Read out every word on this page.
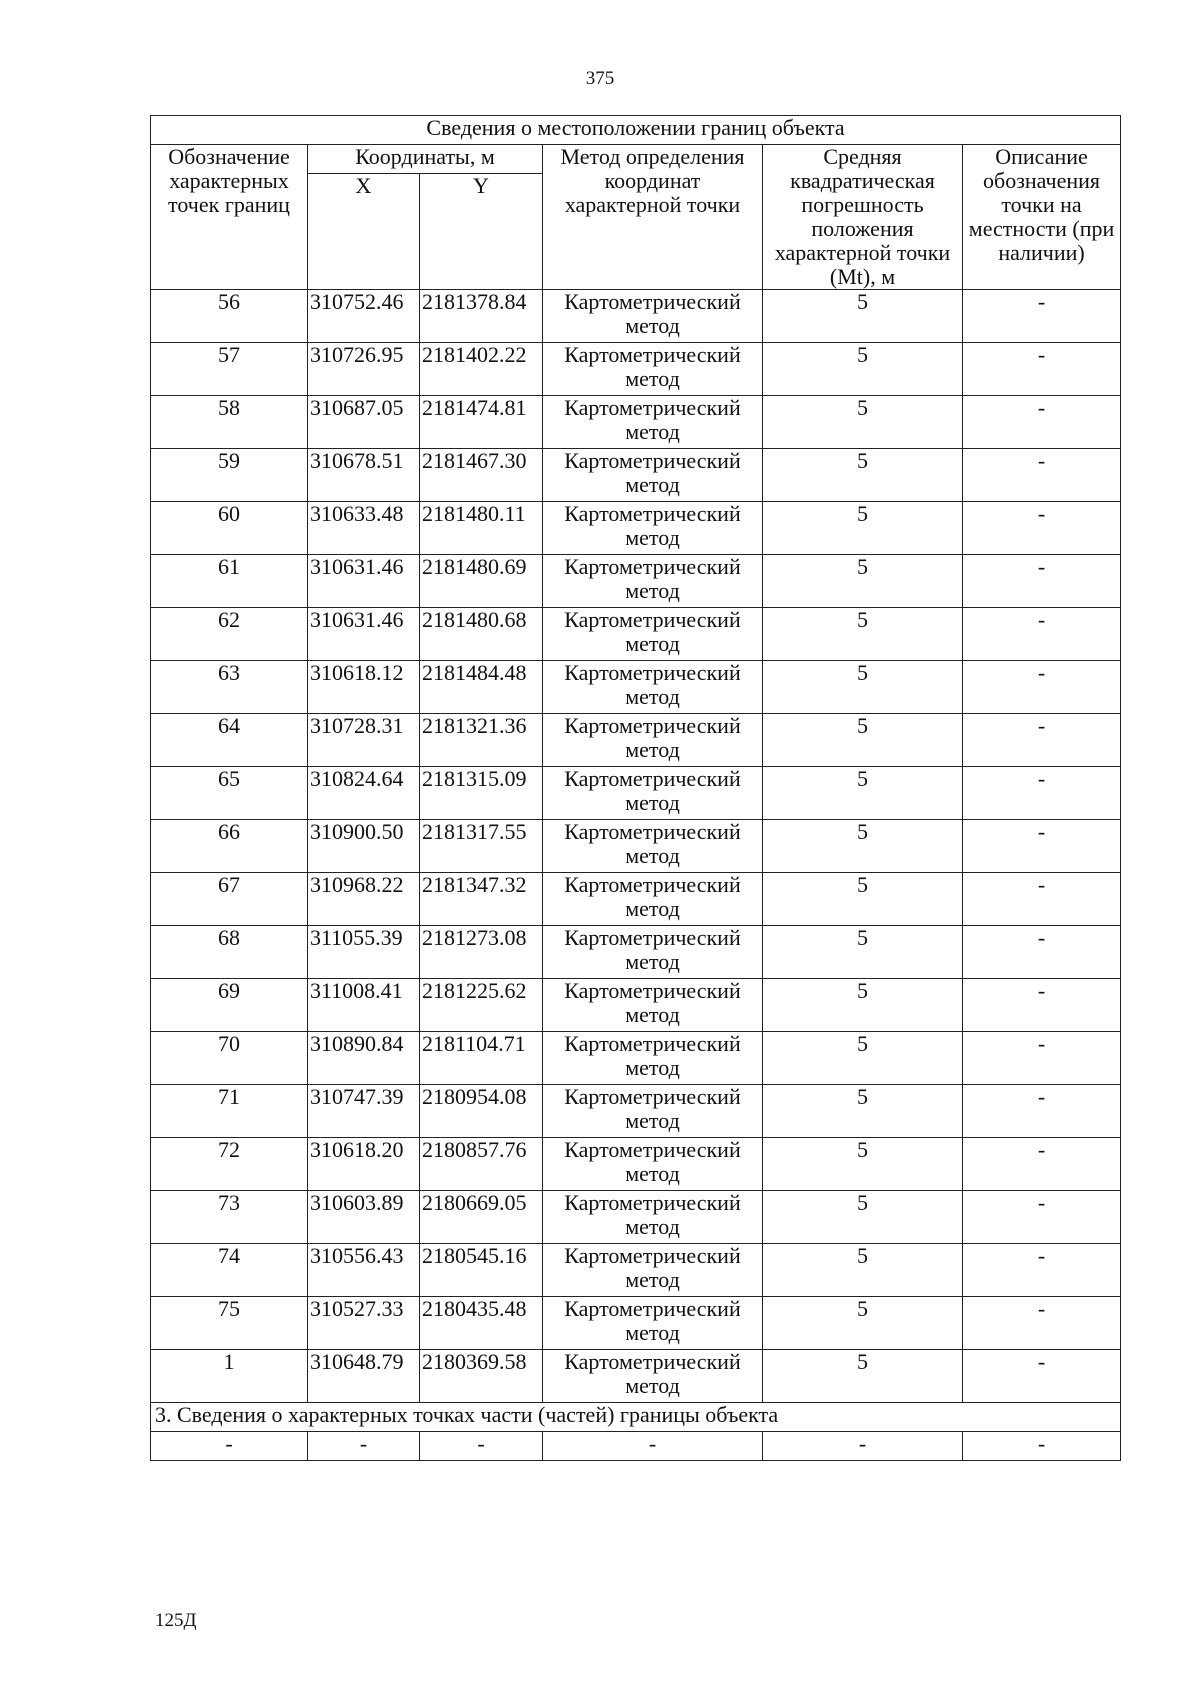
375
Сведения о местоположении границ объекта					
Обозначение характерных точек границ	Координаты, м		Метод определения координат характерной точки	Средняя квадратическая погрешность положения характерной точки (Mt), м	Описание обозначения точки на местности (при наличии)
	X	Y			
56	310752.46	2181378.84	Картометрический метод	5	-
57	310726.95	2181402.22	Картометрический метод	5	-
58	310687.05	2181474.81	Картометрический метод	5	-
59	310678.51	2181467.30	Картометрический метод	5	-
60	310633.48	2181480.11	Картометрический метод	5	-
61	310631.46	2181480.69	Картометрический метод	5	-
62	310631.46	2181480.68	Картометрический метод	5	-
63	310618.12	2181484.48	Картометрический метод	5	-
64	310728.31	2181321.36	Картометрический метод	5	-
65	310824.64	2181315.09	Картометрический метод	5	-
66	310900.50	2181317.55	Картометрический метод	5	-
67	310968.22	2181347.32	Картометрический метод	5	-
68	311055.39	2181273.08	Картометрический метод	5	-
69	311008.41	2181225.62	Картометрический метод	5	-
70	310890.84	2181104.71	Картометрический метод	5	-
71	310747.39	2180954.08	Картометрический метод	5	-
72	310618.20	2180857.76	Картометрический метод	5	-
73	310603.89	2180669.05	Картометрический метод	5	-
74	310556.43	2180545.16	Картометрический метод	5	-
75	310527.33	2180435.48	Картометрический метод	5	-
1	310648.79	2180369.58	Картометрический метод	5	-
3. Сведения о характерных точках части (частей) границы объекта					
-	-	-	-	-	-
125Д
